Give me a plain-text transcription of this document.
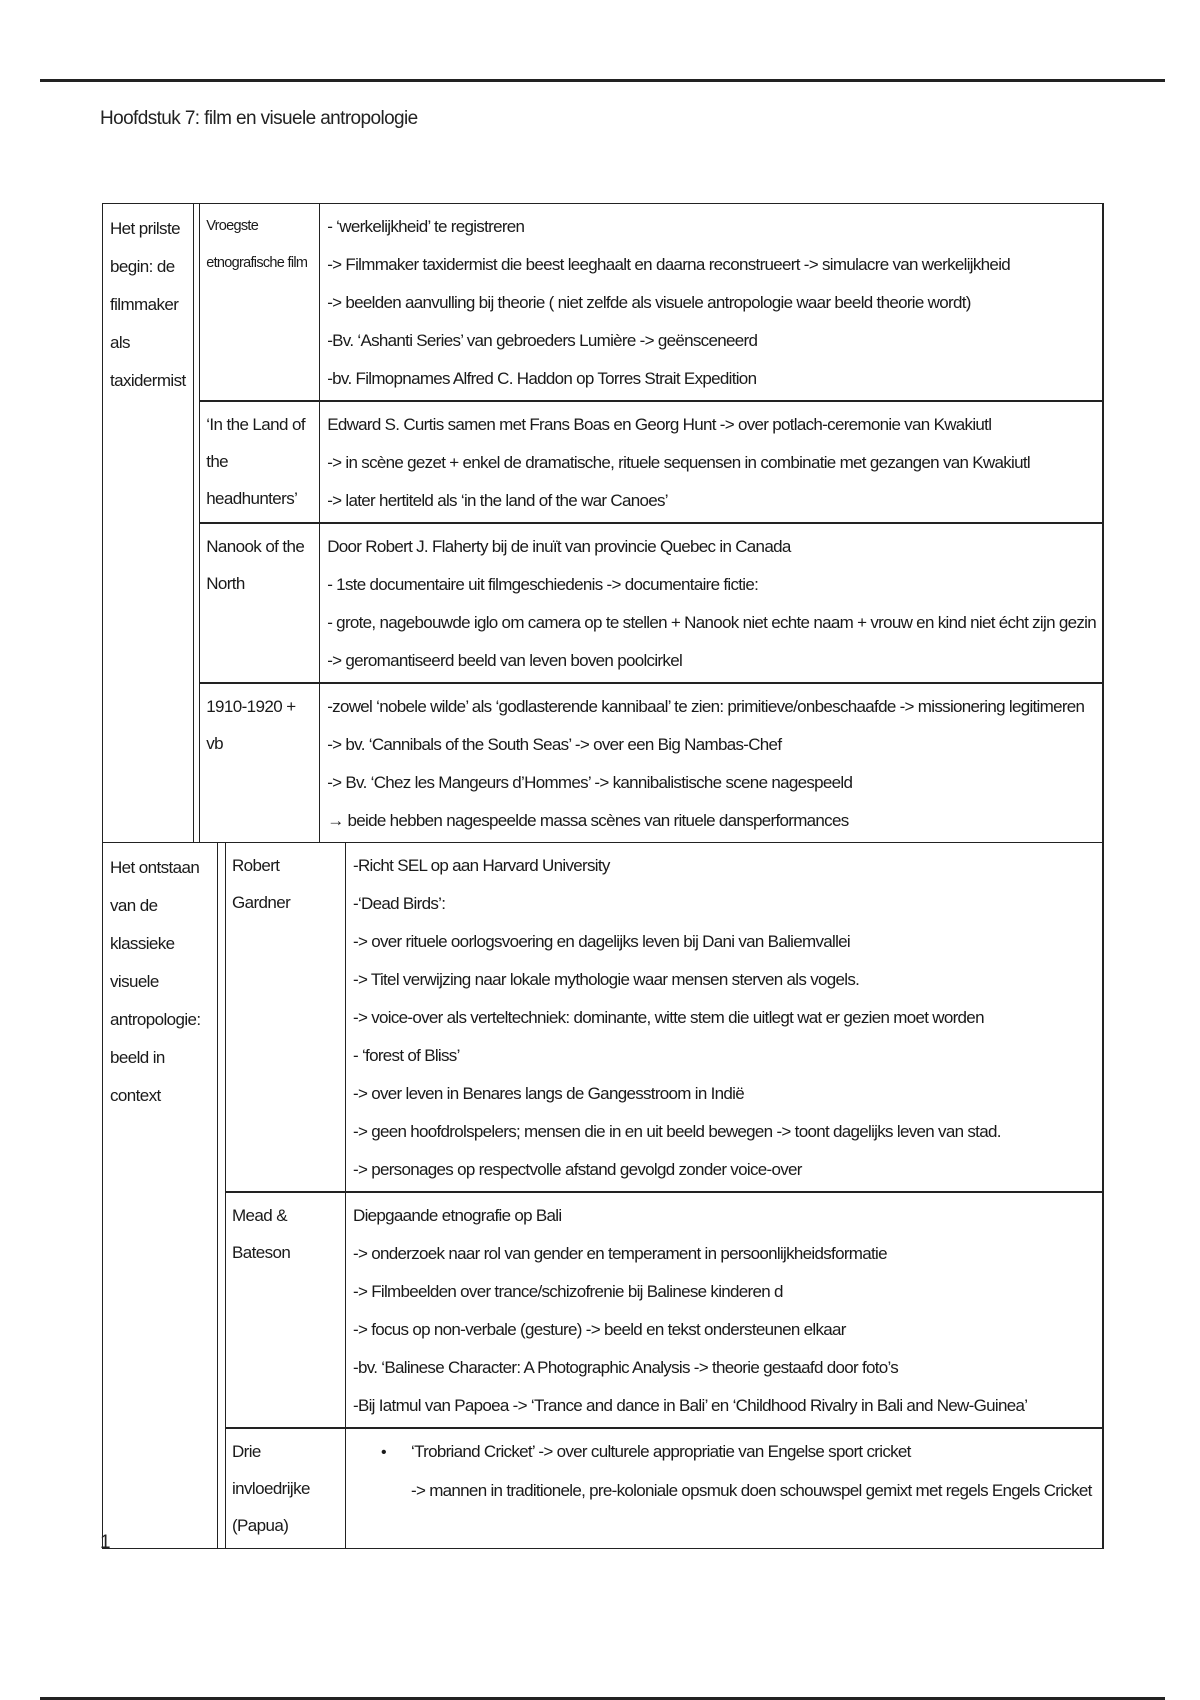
Hoofdstuk 7: film en visuele antropologie
Het prilste begin: de filmmaker als taxidermist
Vroegste etnografische film
- ‘werkelijkheid’ te registreren
-> Filmmaker taxidermist die beest leeghaalt en daarna reconstrueert -> simulacre van werkelijkheid
-> beelden aanvulling bij theorie ( niet zelfde als visuele antropologie waar beeld theorie wordt)
-Bv. ‘Ashanti Series’ van gebroeders Lumière -> geënsceneerd
-bv. Filmopnames Alfred C. Haddon op Torres Strait Expedition
‘In the Land of the headhunters’
Edward S. Curtis samen met Frans Boas en Georg Hunt -> over potlach-ceremonie van Kwakiutl
-> in scène gezet + enkel de dramatische, rituele sequensen in combinatie met gezangen van Kwakiutl
-> later hertiteld als ‘in the land of the war Canoes’
Nanook of the North
Door Robert J. Flaherty bij de inuït van provincie Quebec in Canada
- 1ste documentaire uit filmgeschiedenis -> documentaire fictie:
- grote, nagebouwde iglo om camera op te stellen + Nanook niet echte naam + vrouw en kind niet écht zijn gezin
-> geromantiseerd beeld van leven boven poolcirkel
1910-1920 + vb
-zowel ‘nobele wilde’ als ‘godlasterende kannibaal’ te zien: primitieve/onbeschaafde -> missionering legitimeren
-> bv. ‘Cannibals of the South Seas’ -> over een Big Nambas-Chef
-> Bv. ‘Chez les Mangeurs d’Hommes’ -> kannibalistische scene nagespeeld
→ beide hebben nagespeelde massa scènes van rituele dansperformances
Het ontstaan van de klassieke visuele antropologie: beeld in context
Robert Gardner
-Richt SEL op aan Harvard University
-‘Dead Birds’:
-> over rituele oorlogsvoering en dagelijks leven bij Dani van Baliemvallei
-> Titel verwijzing naar lokale mythologie waar mensen sterven als vogels.
-> voice-over als verteltechniek: dominante, witte stem die uitlegt wat er gezien moet worden
- ‘forest of Bliss’
-> over leven in Benares langs de Gangesstroom in Indië
-> geen hoofdrolspelers; mensen die in en uit beeld bewegen -> toont dagelijks leven van stad.
-> personages op respectvolle afstand gevolgd zonder voice-over
Mead & Bateson
Diepgaande etnografie op Bali
-> onderzoek naar rol van gender en temperament in persoonlijkheidsformatie
-> Filmbeelden over trance/schizofrenie bij Balinese kinderen d
-> focus op non-verbale (gesture) -> beeld en tekst ondersteunen elkaar
-bv. ‘Balinese Character: A Photographic Analysis -> theorie gestaafd door foto’s
-Bij Iatmul van Papoea -> ‘Trance and dance in Bali’ en ‘Childhood Rivalry in Bali and New-Guinea’
Drie invloedrijke (Papua)
• ‘Trobriand Cricket’ -> over culturele appropriatie van Engelse sport cricket
-> mannen in traditionele, pre-koloniale opsmuk doen schouwspel gemixt met regels Engels Cricket
1
